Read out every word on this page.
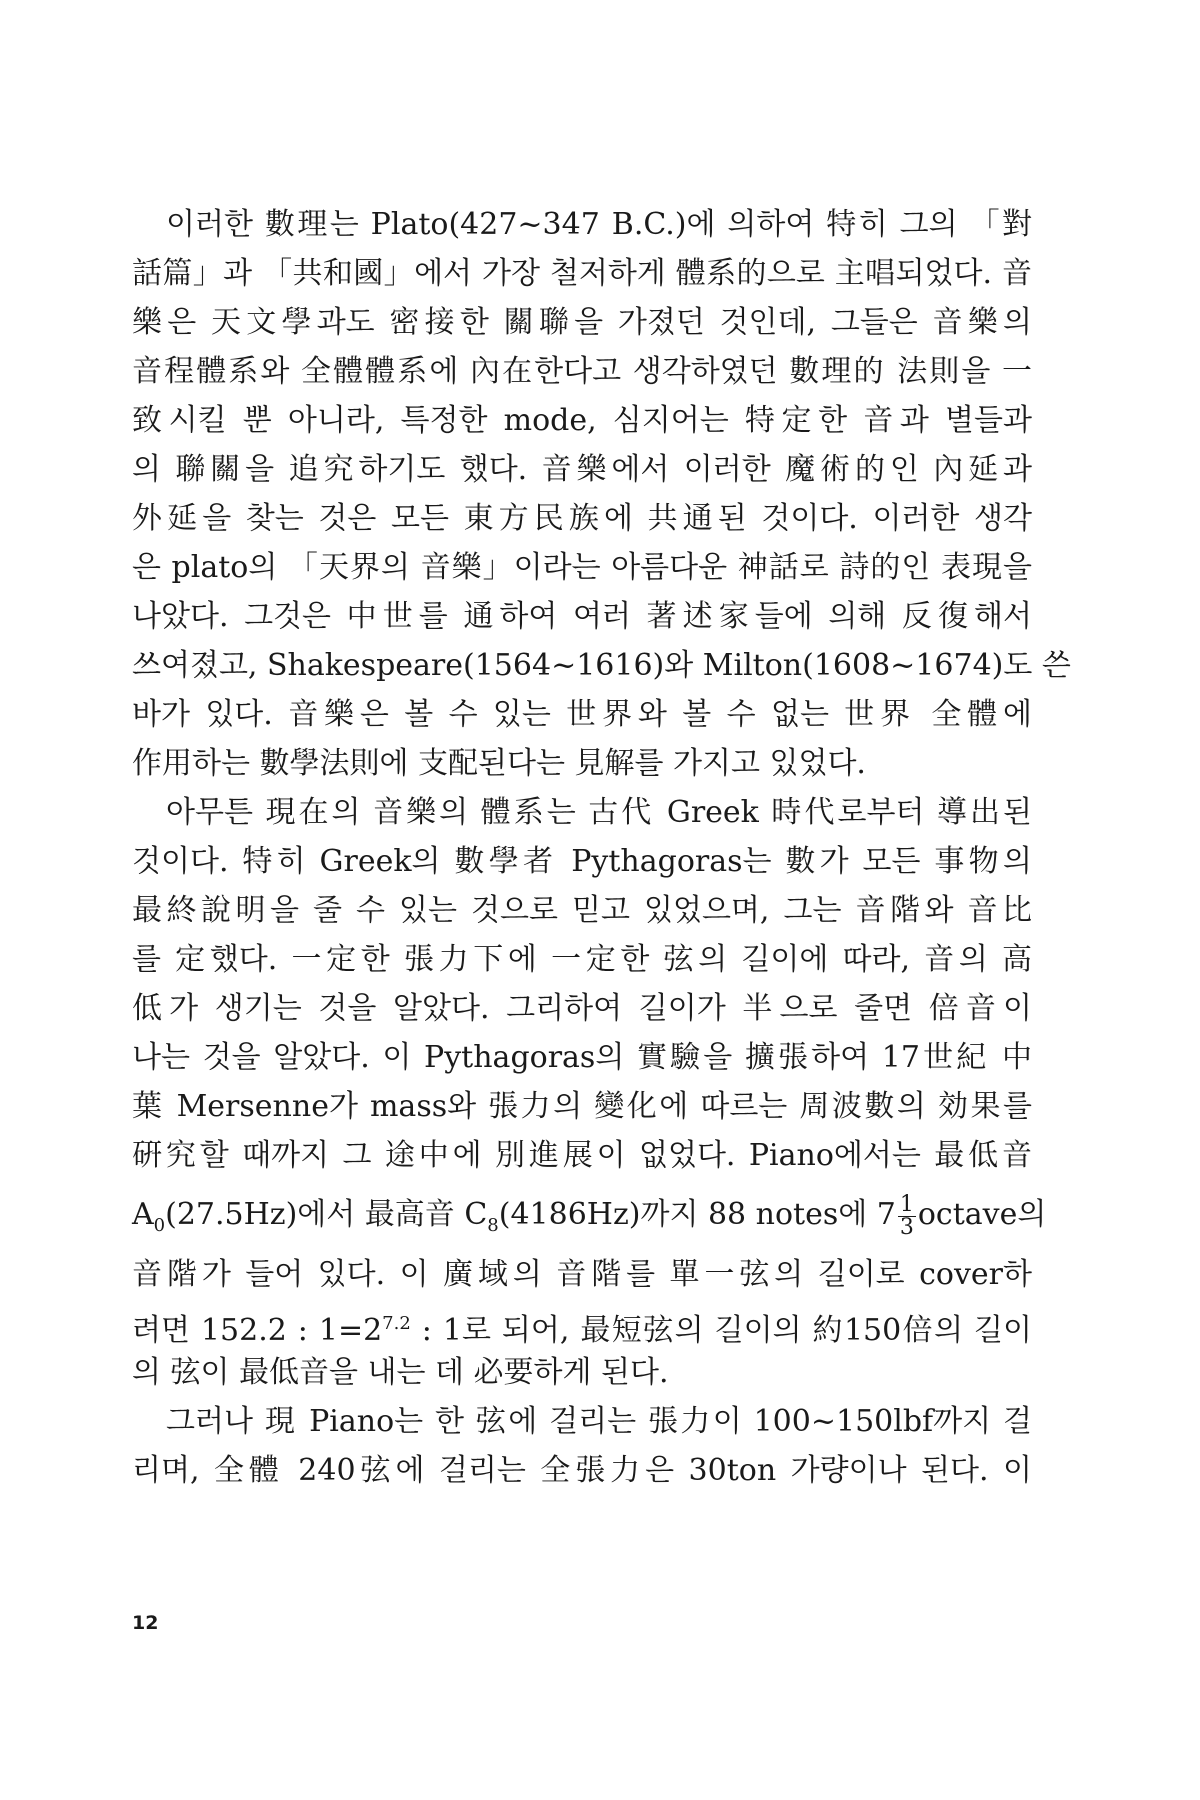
이러한 數理는 Plato(427~347 B.C.)에 의하여 特히 그의 「對
話篇」과 「共和國」에서 가장 철저하게 體系的으로 主唱되었다. 音
樂은 天文學과도 密接한 關聯을 가졌던 것인데, 그들은 音樂의
音程體系와 全體體系에 內在한다고 생각하였던 數理的 法則을 一
致시킬 뿐 아니라, 특정한 mode, 심지어는 特定한 音과 별들과
의 聯關을 追究하기도 했다. 音樂에서 이러한 魔術的인 內延과
外延을 찾는 것은 모든 東方民族에 共通된 것이다. 이러한 생각
은 plato의 「天界의 音樂」이라는 아름다운 神話로 詩的인 表現을
나았다. 그것은 中世를 通하여 여러 著述家들에 의해 反復해서
쓰여졌고, Shakespeare(1564~1616)와 Milton(1608~1674)도 쓴
바가 있다. 音樂은 볼 수 있는 世界와 볼 수 없는 世界 全體에
作用하는 數學法則에 支配된다는 見解를 가지고 있었다.
아무튼 現在의 音樂의 體系는 古代 Greek 時代로부터 導出된
것이다. 特히 Greek의 數學者 Pythagoras는 數가 모든 事物의
最終說明을 줄 수 있는 것으로 믿고 있었으며, 그는 音階와 音比
를 定했다. 一定한 張力下에 一定한 弦의 길이에 따라, 音의 高
低가 생기는 것을 알았다. 그리하여 길이가 半으로 줄면 倍音이
나는 것을 알았다. 이 Pythagoras의 實驗을 擴張하여 17世紀 中
葉 Mersenne가 mass와 張力의 變化에 따르는 周波數의 効果를
硏究할 때까지 그 途中에 別進展이 없었다. Piano에서는 最低音
$A_0(27.5Hz)$에서 最高音 $C_8(4186Hz)$까지 88 notes에 $7 \frac{1}{3}$ octave의
音階가 들어 있다. 이 廣域의 音階를 單一弦의 길이로 cover하
려면 152.2 : $1=2^{7.2}$ : 1로 되어, 最短弦의 길이의 約150倍의 길이
의 弦이 最低音을 내는 데 必要하게 된다.
그러나 現 Piano는 한 弦에 걸리는 張力이 100~150lbf까지 걸
리며, 全體 240弦에 걸리는 全張力은 30ton 가량이나 된다. 이
12
